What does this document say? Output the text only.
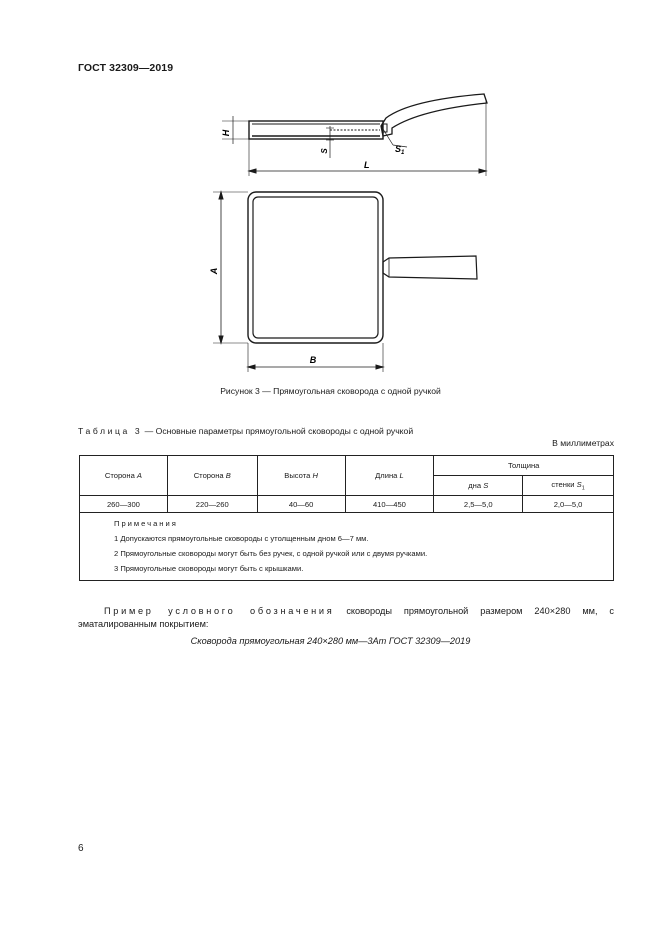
ГОСТ 32309—2019
H
S	$S_1$
L
A
B
Рисунок 3 — Прямоугольная сковорода с одной ручкой
Таблица 3 — Основные параметры прямоугольной сковороды с одной ручкой
В миллиметрах
Сторона A	Сторона B	Высота H	Длина L	Толщина	
				дна S	стенки $S_1$
260—300	220—260	40—60	410—450	2,5—5,0	2,0—5,0

Примечания
1 Допускаются прямоугольные сковороды с утолщенным дном 6—7 мм.
2 Прямоугольные сковороды могут быть без ручек, с одной ручкой или с двумя ручками.
3 Прямоугольные сковороды могут быть с крышками.					
Пример условного обозначения сковороды прямоугольной размером 240×280 мм, с эматалированным покрытием:
Сковорода прямоугольная 240×280 мм—3Ат ГОСТ 32309—2019
6
